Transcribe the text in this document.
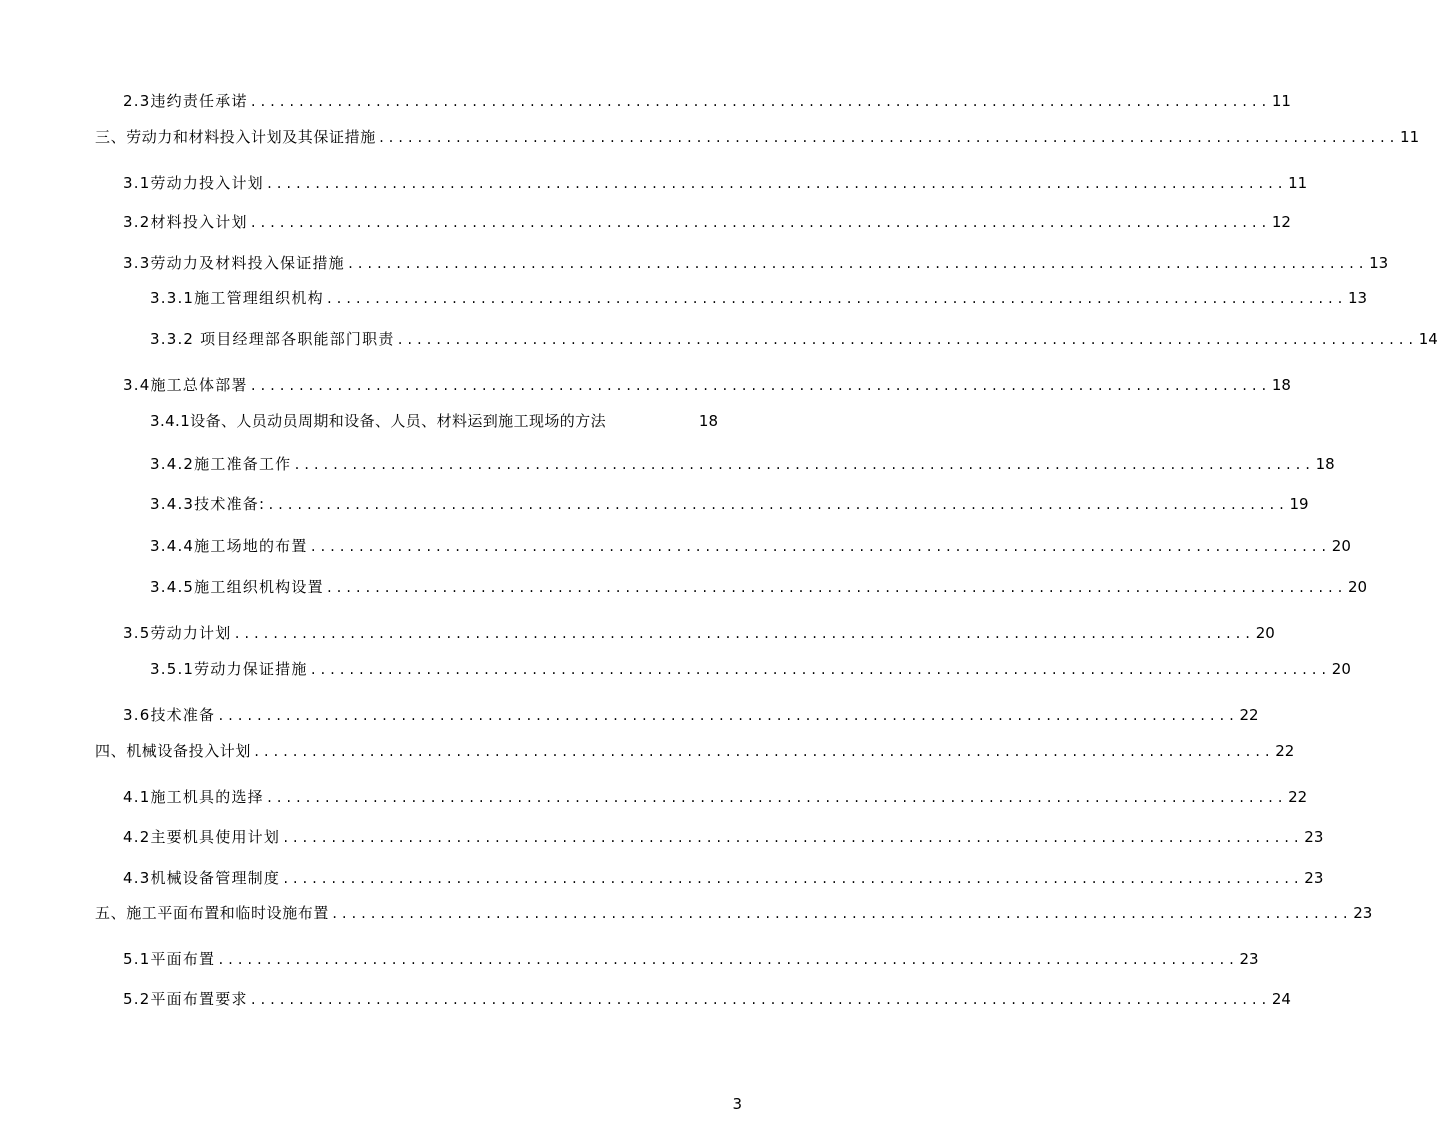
2.3违约责任承诺 .......................................................................................................... 11
三、劳动力和材料投入计划及其保证措施 .......................................................................................................... 11
3.1劳动力投入计划 .......................................................................................................... 11
3.2材料投入计划 .......................................................................................................... 12
3.3劳动力及材料投入保证措施 .......................................................................................................... 13
3.3.1施工管理组织机构 .......................................................................................................... 13
3.3.2 项目经理部各职能部门职责 .......................................................................................................... 14
3.4施工总体部署 .......................................................................................................... 18
3.4.1设备、人员动员周期和设备、人员、材料运到施工现场的方法	18
3.4.2施工准备工作 .......................................................................................................... 18
3.4.3技术准备: .......................................................................................................... 19
3.4.4施工场地的布置 .......................................................................................................... 20
3.4.5施工组织机构设置 .......................................................................................................... 20
3.5劳动力计划 .......................................................................................................... 20
3.5.1劳动力保证措施 .......................................................................................................... 20
3.6技术准备 .......................................................................................................... 22
四、机械设备投入计划 .......................................................................................................... 22
4.1施工机具的选择 .......................................................................................................... 22
4.2主要机具使用计划 .......................................................................................................... 23
4.3机械设备管理制度 .......................................................................................................... 23
五、施工平面布置和临时设施布置 .......................................................................................................... 23
5.1平面布置 .......................................................................................................... 23
5.2平面布置要求 .......................................................................................................... 24
3
